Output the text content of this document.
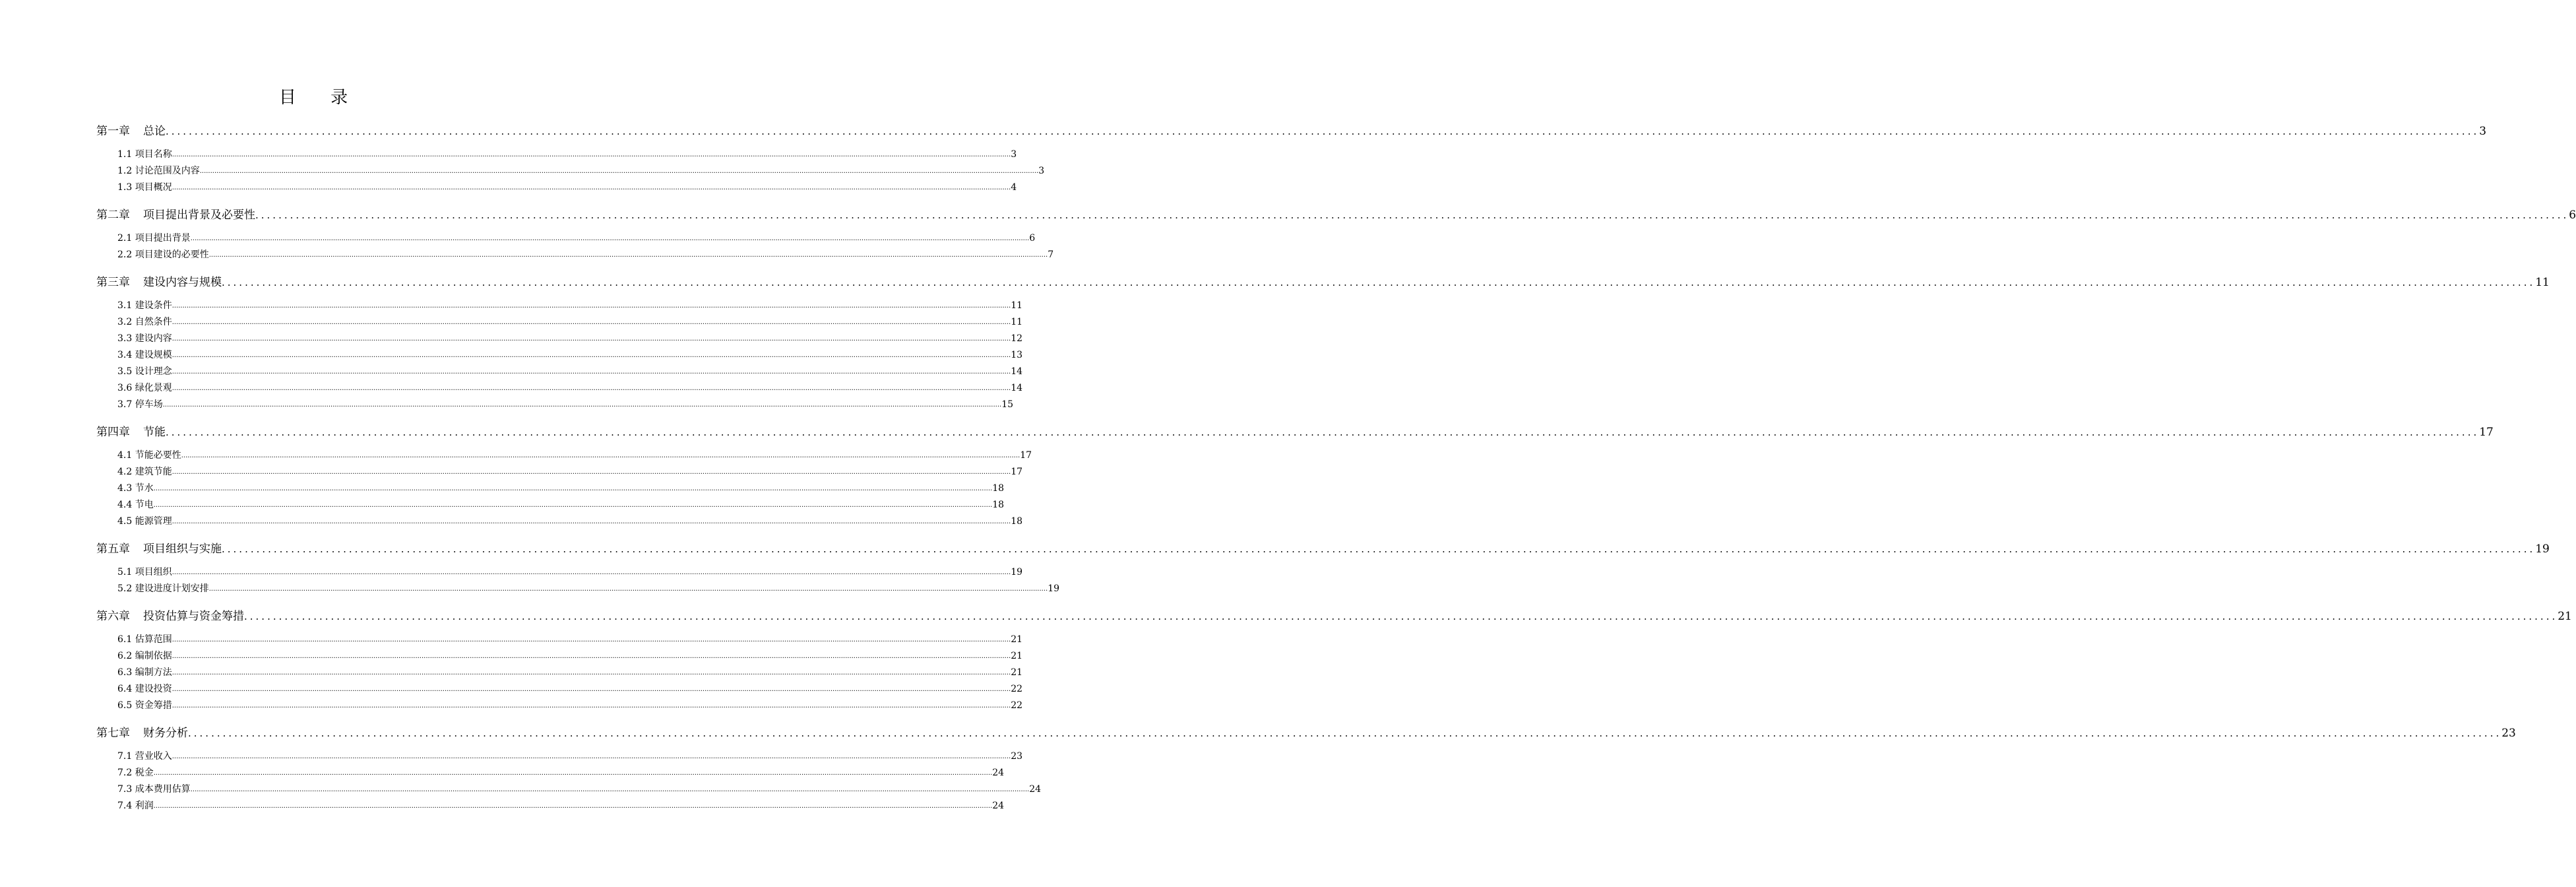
目 录
第一章 总论 ................................................................................................................................................................................................................................................................................................................................................................................................................ 3
1.1 项目名称 ................................................................................................................................................................................................................................................................................................................................................................................................................ 3
1.2 讨论范围及内容 ................................................................................................................................................................................................................................................................................................................................................................................................................ 3
1.3 项目概况 ................................................................................................................................................................................................................................................................................................................................................................................................................ 4
第二章 项目提出背景及必要性 ................................................................................................................................................................................................................................................................................................................................................................................................................ 6
2.1 项目提出背景 ................................................................................................................................................................................................................................................................................................................................................................................................................ 6
2.2 项目建设的必要性 ................................................................................................................................................................................................................................................................................................................................................................................................................ 7
第三章 建设内容与规模 ................................................................................................................................................................................................................................................................................................................................................................................................................ 11
3.1 建设条件 ................................................................................................................................................................................................................................................................................................................................................................................................................ 11
3.2 自然条件 ................................................................................................................................................................................................................................................................................................................................................................................................................ 11
3.3 建设内容 ................................................................................................................................................................................................................................................................................................................................................................................................................ 12
3.4 建设规模 ................................................................................................................................................................................................................................................................................................................................................................................................................ 13
3.5 设计理念 ................................................................................................................................................................................................................................................................................................................................................................................................................ 14
3.6 绿化景观 ................................................................................................................................................................................................................................................................................................................................................................................................................ 14
3.7 停车场 ................................................................................................................................................................................................................................................................................................................................................................................................................ 15
第四章 节能 ................................................................................................................................................................................................................................................................................................................................................................................................................ 17
4.1 节能必要性 ................................................................................................................................................................................................................................................................................................................................................................................................................ 17
4.2 建筑节能 ................................................................................................................................................................................................................................................................................................................................................................................................................ 17
4.3 节水 ................................................................................................................................................................................................................................................................................................................................................................................................................ 18
4.4 节电 ................................................................................................................................................................................................................................................................................................................................................................................................................ 18
4.5 能源管理 ................................................................................................................................................................................................................................................................................................................................................................................................................ 18
第五章 项目组织与实施 ................................................................................................................................................................................................................................................................................................................................................................................................................ 19
5.1 项目组织 ................................................................................................................................................................................................................................................................................................................................................................................................................ 19
5.2 建设进度计划安排 ................................................................................................................................................................................................................................................................................................................................................................................................................ 19
第六章 投资估算与资金筹措 ................................................................................................................................................................................................................................................................................................................................................................................................................ 21
6.1 估算范围 ................................................................................................................................................................................................................................................................................................................................................................................................................ 21
6.2 编制依据 ................................................................................................................................................................................................................................................................................................................................................................................................................ 21
6.3 编制方法 ................................................................................................................................................................................................................................................................................................................................................................................................................ 21
6.4 建设投资 ................................................................................................................................................................................................................................................................................................................................................................................................................ 22
6.5 资金筹措 ................................................................................................................................................................................................................................................................................................................................................................................................................ 22
第七章 财务分析 ................................................................................................................................................................................................................................................................................................................................................................................................................ 23
7.1 营业收入 ................................................................................................................................................................................................................................................................................................................................................................................................................ 23
7.2 税金 ................................................................................................................................................................................................................................................................................................................................................................................................................ 24
7.3 成本费用估算 ................................................................................................................................................................................................................................................................................................................................................................................................................ 24
7.4 利润 ................................................................................................................................................................................................................................................................................................................................................................................................................ 24
